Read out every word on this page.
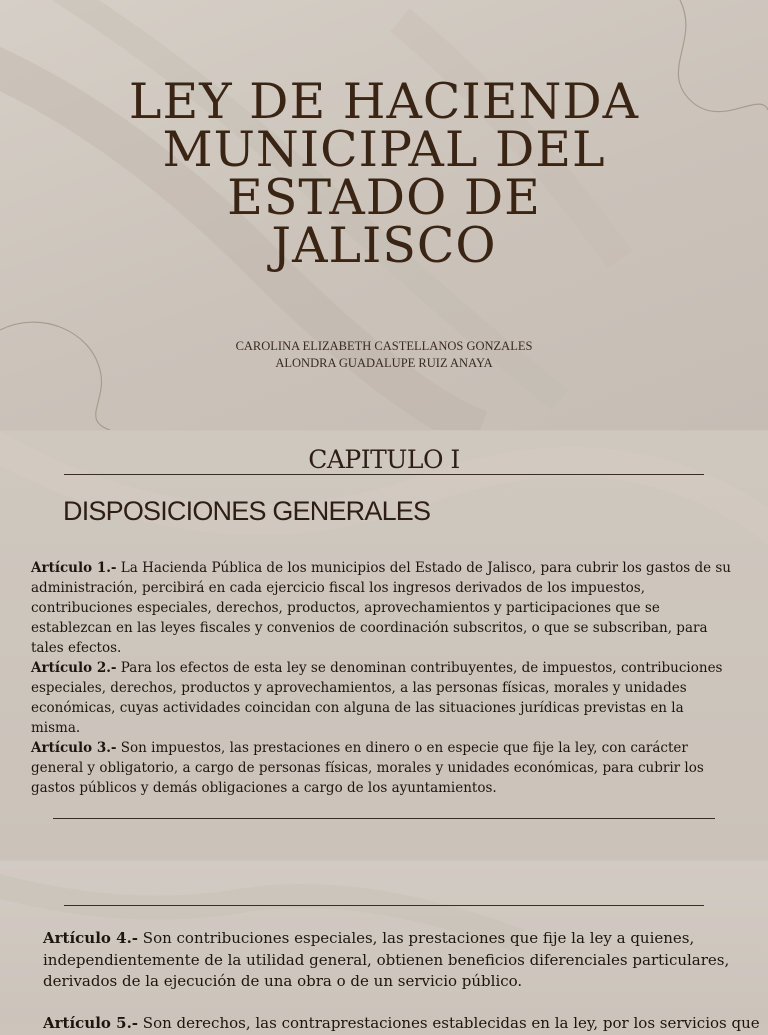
LEY DE HACIENDA
MUNICIPAL DEL
ESTADO DE
JALISCO
CAROLINA ELIZABETH CASTELLANOS GONZALES
ALONDRA GUADALUPE RUIZ ANAYA
CAPITULO I
DISPOSICIONES GENERALES

Artículo 1.- La Hacienda Pública de los municipios del Estado de Jalisco, para cubrir los gastos de su administración, percibirá en cada ejercicio fiscal los ingresos derivados de los impuestos, contribuciones especiales, derechos, productos, aprovechamientos y participaciones que se establezcan en las leyes fiscales y convenios de coordinación subscritos, o que se subscriban, para tales efectos.

Artículo 2.- Para los efectos de esta ley se denominan contribuyentes, de impuestos, contribuciones especiales, derechos, productos y aprovechamientos, a las personas físicas, morales y unidades económicas, cuyas actividades coincidan con alguna de las situaciones jurídicas previstas en la misma.

Artículo 3.- Son impuestos, las prestaciones en dinero o en especie que fije la ley, con carácter general y obligatorio, a cargo de personas físicas, morales y unidades económicas, para cubrir los gastos públicos y demás obligaciones a cargo de los ayuntamientos.

Artículo 4.- Son contribuciones especiales, las prestaciones que fije la ley a quienes, independientemente de la utilidad general, obtienen beneficios diferenciales particulares, derivados de la ejecución de una obra o de un servicio público.

Artículo 5.- Son derechos, las contraprestaciones establecidas en la ley, por los servicios que
